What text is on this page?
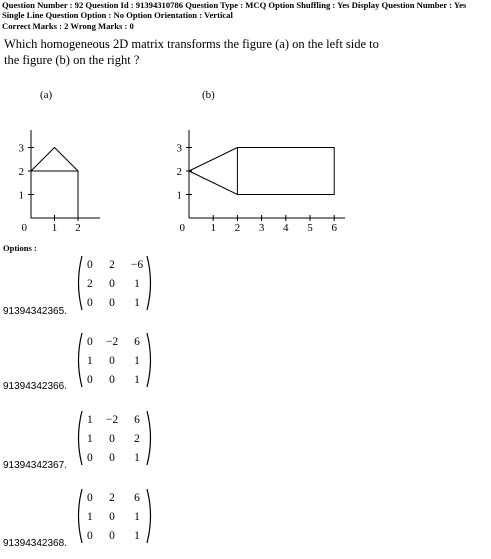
Question Number : 92 Question Id : 91394310786 Question Type : MCQ Option Shuffling : Yes Display Question Number : Yes
Single Line Question Option : No Option Orientation : Vertical
Correct Marks : 2 Wrong Marks : 0
Which homogeneous 2D matrix transforms the figure (a) on the left side to
the figure (b) on the right ?
(a)
1 2
1
2
3
0
(b)
1 2 3 4 5 6
1
2
3
0
Options :
0 2 −6
2 0 1
0 0 1
91394342365.
0 −2 6
1 0 1
0 0 1
91394342366.
1 −2 6
1 0 2
0 0 1
91394342367.
0 2 6
1 0 1
0 0 1
91394342368.
